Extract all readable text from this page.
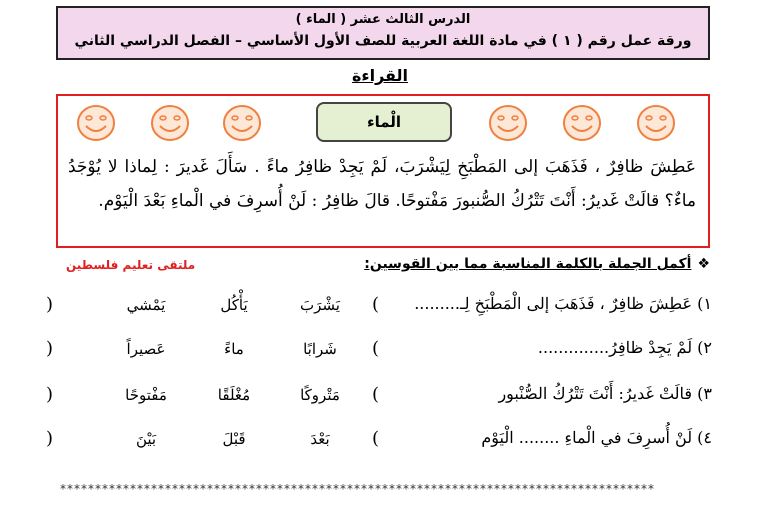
الدرس الثالث عشر ( الماء )
ورقة عمل رقم ( ١ ) في مادة اللغة العربية للصف الأول الأساسي – الفصل الدراسي الثاني
القراءة
الْماء
عَطِشَ ظافِرٌ ، فَذَهَبَ إلى المَطْبَخِ لِيَشْرَبَ، لَمْ يَجِدْ ظافِرُ ماءً . سَأَلَ غَديرَ : لِماذا لا يُوْجَدُ ماءٌ؟ قالَتْ غَديرُ: أَنْتَ تَتْرُكُ الصُّنبورَ مَفْتوحًا. قالَ ظافِرُ : لَنْ أُسرِفَ في الْماءِ بَعْدَ الْيَوْم.
❖أكمل الجملة بالكلمة المناسبة مما بين القوسين:
ملتقى تعليم فلسطين
١) عَطِشَ ظافِرٌ ، فَذَهَبَ إلى الْمَطْبَخِ لِـ.........
(
)	يَشْرَبَ
يَأْكُل
يَمْشي
٢) لَمْ يَجِدْ ظافِرُ..............
(
)	شَرابًا
ماءً
عَصيراً
٣) قالَتْ غَديرُ: أَنْتَ تَتْرُكُ الصُّنْبور
(
)	مَتْروكًا
مُغْلَقًا
مَفْتوحًا
٤) لَنْ أُسرِفَ في الْماءِ ........ الْيَوْم
(
)	بَعْدَ
قَبْلَ
بَيْنَ
*************************************************************************************
